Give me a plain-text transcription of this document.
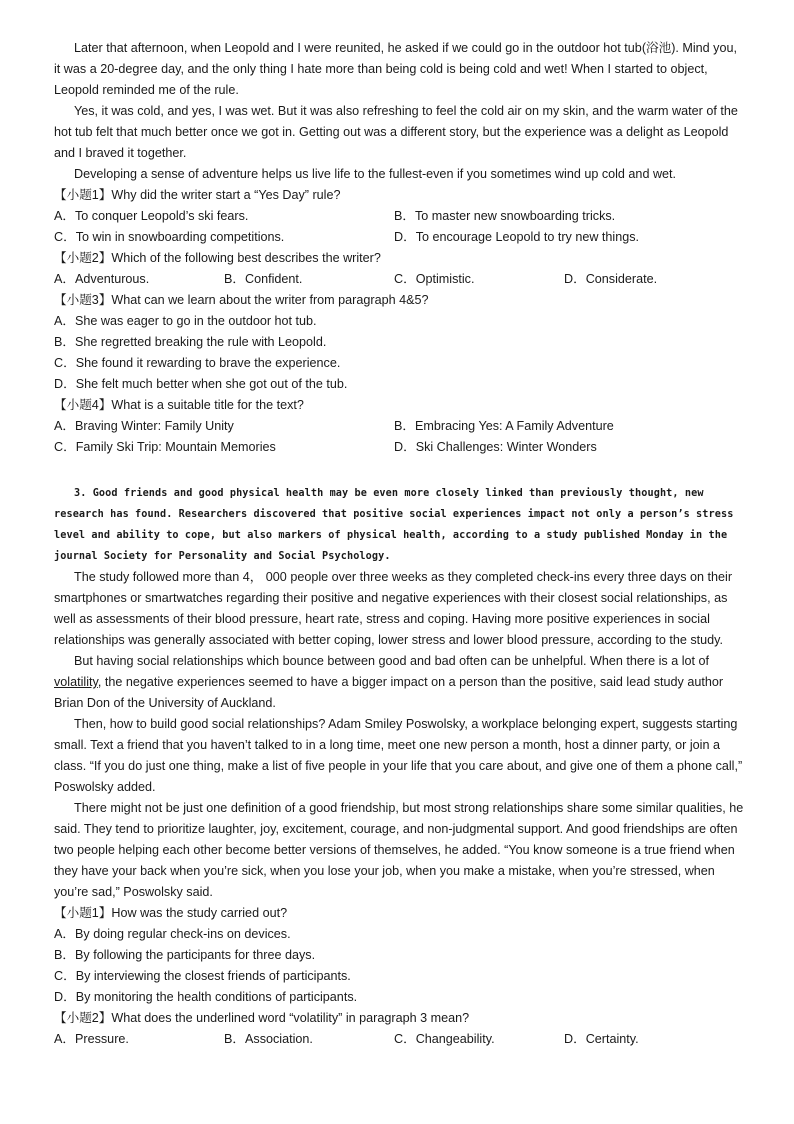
Later that afternoon, when Leopold and I were reunited, he asked if we could go in the outdoor hot tub(浴池). Mind you, it was a 20-degree day, and the only thing I hate more than being cold is being cold and wet! When I started to object, Leopold reminded me of the rule.

Yes, it was cold, and yes, I was wet. But it was also refreshing to feel the cold air on my skin, and the warm water of the hot tub felt that much better once we got in. Getting out was a different story, but the experience was a delight as Leopold and I braved it together.

Developing a sense of adventure helps us live life to the fullest-even if you sometimes wind up cold and wet.

【小题1】Why did the writer start a “Yes Day” rule?

A．To conquer Leopold’s ski fears.	B．To master new snowboarding tricks.
C．To win in snowboarding competitions.	D．To encourage Leopold to try new things.

【小题2】Which of the following best describes the writer?

A．Adventurous.	B．Confident.	C．Optimistic.	D．Considerate.

【小题3】What can we learn about the writer from paragraph 4&5?

A．She was eager to go in the outdoor hot tub.

B．She regretted breaking the rule with Leopold.

C．She found it rewarding to brave the experience.

D．She felt much better when she got out of the tub.

【小题4】What is a suitable title for the text?

A．Braving Winter: Family Unity	B．Embracing Yes: A Family Adventure
C．Family Ski Trip: Mountain Memories	D．Ski Challenges: Winter Wonders

3. Good friends and good physical health may be even more closely linked than previously thought, new research has found. Researchers discovered that positive social experiences impact not only a person’s stress level and ability to cope, but also markers of physical health, according to a study published Monday in the journal Society for Personality and Social Psychology.

The study followed more than 4， 000 people over three weeks as they completed check-ins every three days on their smartphones or smartwatches regarding their positive and negative experiences with their closest social relationships, as well as assessments of their blood pressure, heart rate, stress and coping. Having more positive experiences in social relationships was generally associated with better coping, lower stress and lower blood pressure, according to the study.

But having social relationships which bounce between good and bad often can be unhelpful. When there is a lot of volatility, the negative experiences seemed to have a bigger impact on a person than the positive, said lead study author Brian Don of the University of Auckland.

Then, how to build good social relationships? Adam Smiley Poswolsky, a workplace belonging expert, suggests starting small. Text a friend that you haven’t talked to in a long time, meet one new person a month, host a dinner party, or join a class. “If you do just one thing, make a list of five people in your life that you care about, and give one of them a phone call,” Poswolsky added.

There might not be just one definition of a good friendship, but most strong relationships share some similar qualities, he said. They tend to prioritize laughter, joy, excitement, courage, and non-judgmental support. And good friendships are often two people helping each other become better versions of themselves, he added. “You know someone is a true friend when they have your back when you’re sick, when you lose your job, when you make a mistake, when you’re stressed, when you’re sad,” Poswolsky said.

【小题1】How was the study carried out?

A．By doing regular check-ins on devices.

B．By following the participants for three days.

C．By interviewing the closest friends of participants.

D．By monitoring the health conditions of participants.

【小题2】What does the underlined word “volatility” in paragraph 3 mean?

A．Pressure.	B．Association.	C．Changeability.	D．Certainty.
